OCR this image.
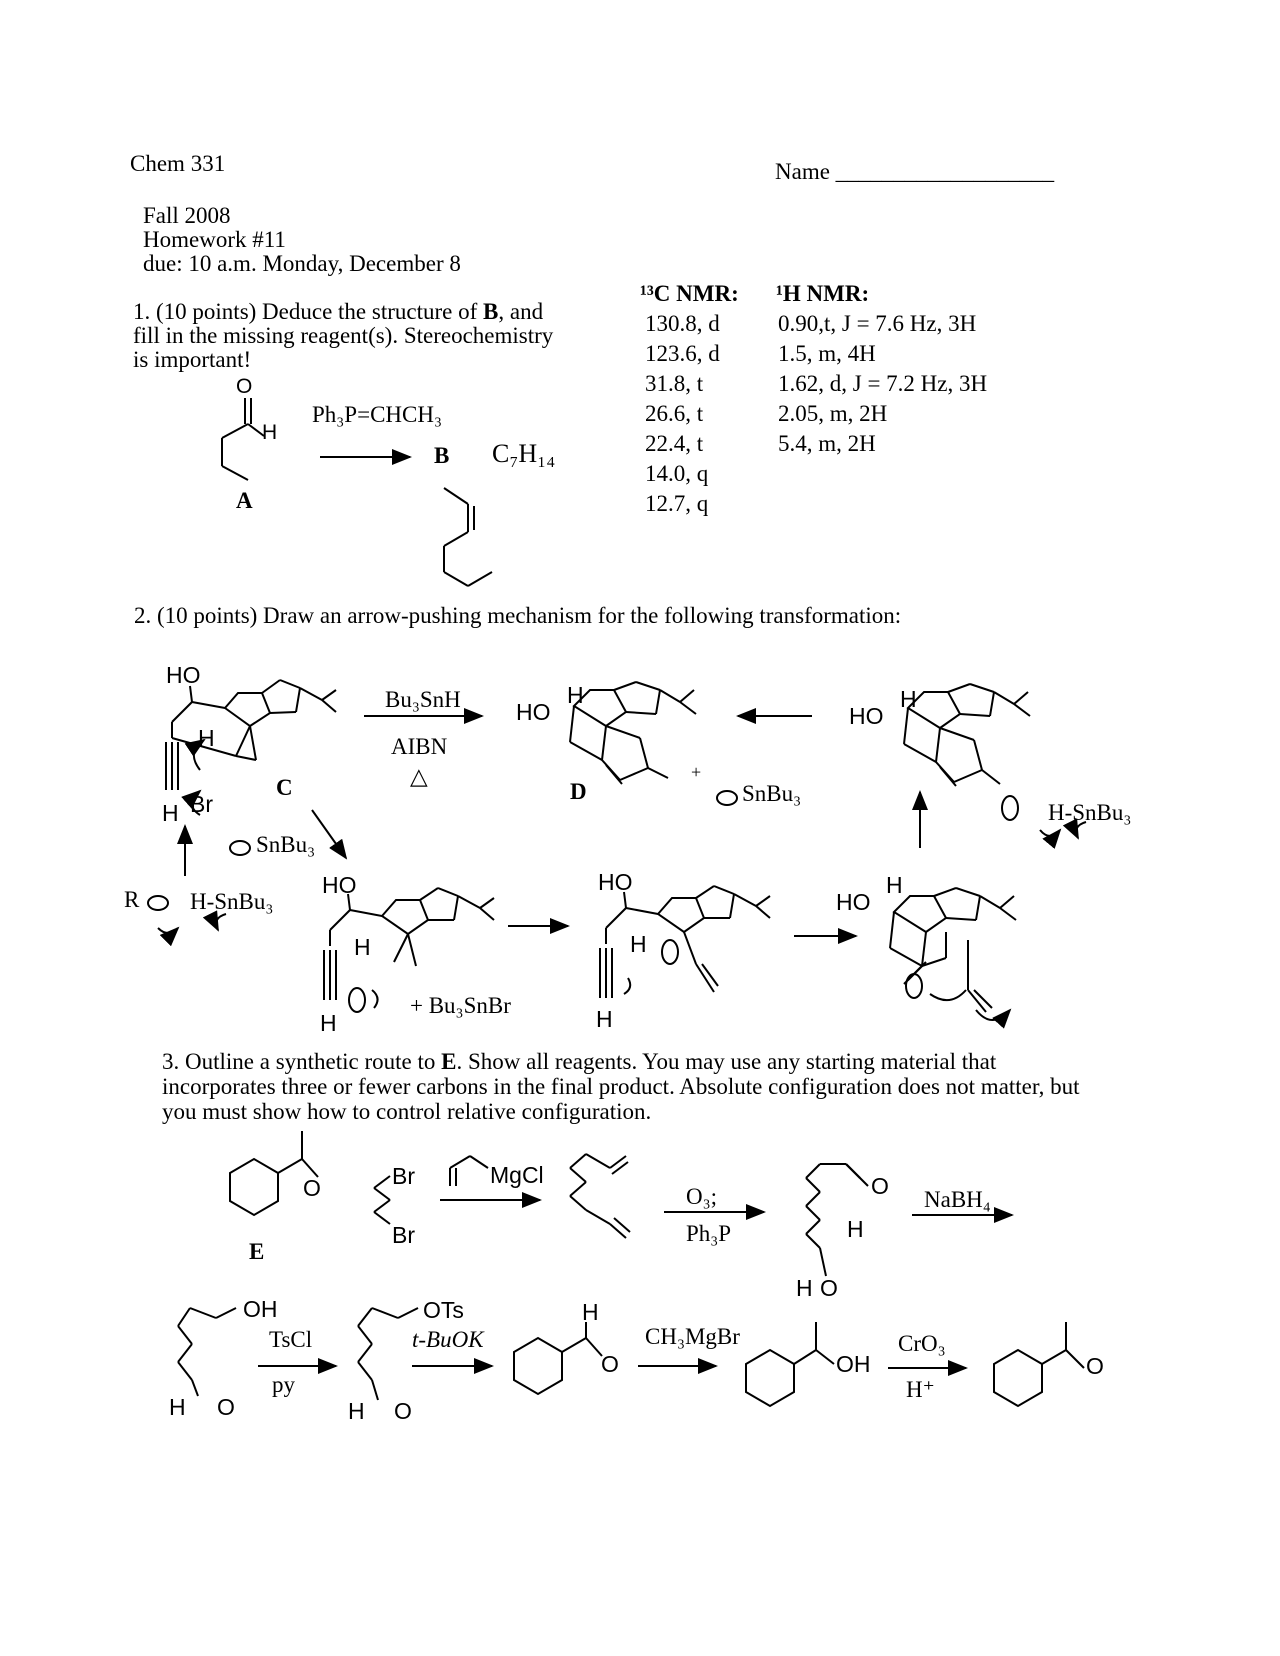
Chem 331	Name ___________________
Fall 2008
Homework #11
due: 10 a.m. Monday, December 8
1. (10 points) Deduce the structure of B, and
fill in the missing reagent(s). Stereochemistry
is important!
O
H
A
Ph₃P=CHCH₃
B C₇H₁₄
¹³C NMR: ¹H NMR:
130.8, d
123.6, d
31.8, t
26.6, t
22.4, t
14.0, q
12.7, q
0.90,t, J = 7.6 Hz, 3H
1.5, m, 4H
1.62, d, J = 7.2 Hz, 3H
2.05, m, 2H
5.4, m, 2H
2. (10 points) Draw an arrow-pushing mechanism for the following transformation:
HO
H
H Br
C
Bu₃SnH
AIBN
△
HO
H
D
+
SnBu₃
HO
H
H-SnBu₃
SnBu₃
R H-SnBu₃
HO
H
H
+ Bu₃SnBr
HO
H
H
HO
H
3. Outline a synthetic route to E. Show all reagents. You may use any starting material that
incorporates three or fewer carbons in the final product. Absolute configuration does not matter, but
you must show how to control relative configuration.
E
O	Br
Br
MgCl
O₃;
Ph₃P
O
H
H O
NaBH₄
OH
H O
TsCl
py
OTs
H O
t-BuOK
H
O
CH₃MgBr
OH
CrO₃
H⁺
O
